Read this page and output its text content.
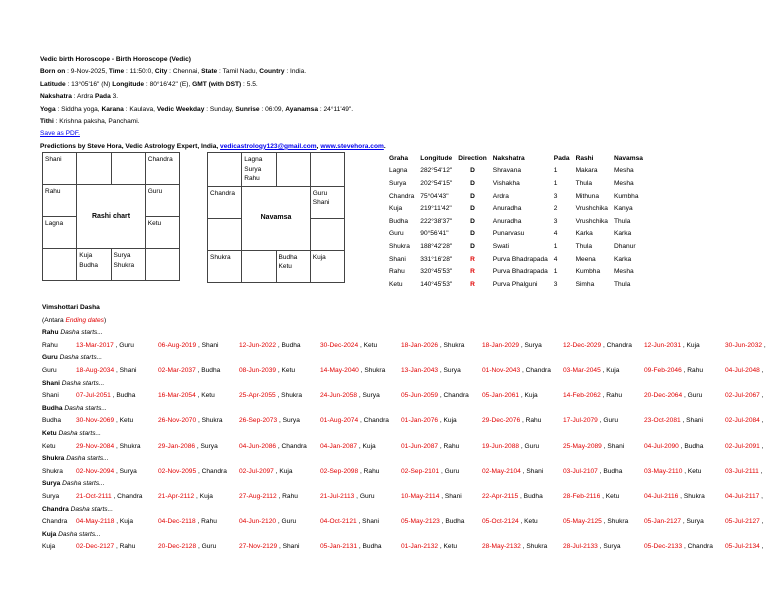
Vedic birth Horoscope - Birth Horoscope (Vedic)
Born on : 9-Nov-2025, Time : 11:50:0, City : Chennai, State : Tamil Nadu, Country : India.
Latitude : 13°05'16" (N) Longitude : 80°16'42" (E), GMT (with DST) : 5.5.
Nakshatra : Ardra Pada 3.
Yoga : Siddha yoga, Karana : Kaulava, Vedic Weekday : Sunday, Sunrise : 06:09, Ayanamsa : 24°11'49".
Tithi : Krishna paksha, Panchami.
Save as PDF.
Predictions by Steve Hora, Vedic Astrology Expert, India, vedicastrology123@gmail.com, www.stevehora.com.
Shani			Chandra
Rahu	Rashi chart		Guru
Lagna			Ketu
	Kuja
Budha	Surya
Shukra	
	Lagna
Surya
Rahu		
Chandra	Navamsa		Guru
Shani

Shukra		Budha
Ketu	Kuja
Graha	Longitude	Direction	Nakshatra	Pada	Rashi	Navamsa
Lagna	282°54'12"	D	Shravana	1	Makara	Mesha
Surya	202°54'15"	D	Vishakha	1	Thula	Mesha
Chandra	75°04'43"	D	Ardra	3	Mithuna	Kumbha
Kuja	219°11'42"	D	Anuradha	2	Vrushchika	Kanya
Budha	222°38'37"	D	Anuradha	3	Vrushchika	Thula
Guru	90°56'41"	D	Punarvasu	4	Karka	Karka
Shukra	188°42'28"	D	Swati	1	Thula	Dhanur
Shani	331°16'28"	R	Purva Bhadrapada	4	Meena	Karka
Rahu	320°45'53"	R	Purva Bhadrapada	1	Kumbha	Mesha
Ketu	140°45'53"	R	Purva Phalguni	3	Simha	Thula
Vimshottari Dasha
(Antara Ending dates)
Rahu Dasha starts...
Rahu	13-Mar-2017 , Guru	06-Aug-2019 , Shani	12-Jun-2022 , Budha	30-Dec-2024 , Ketu	18-Jan-2026 , Shukra	18-Jan-2029 , Surya	12-Dec-2029 , Chandra 12-Jun-2031 , Kuja	30-Jun-2032 ,
Guru Dasha starts...
Guru	18-Aug-2034 , Shani	02-Mar-2037 , Budha	08-Jun-2039 , Ketu	14-May-2040 , Shukra 13-Jan-2043 , Surya	01-Nov-2043 , Chandra 03-Mar-2045 , Kuja	09-Feb-2046 , Rahu	04-Jul-2048 ,
Shani Dasha starts...
Shani	07-Jul-2051 , Budha	16-Mar-2054 , Ketu	25-Apr-2055 , Shukra	24-Jun-2058 , Surya	05-Jun-2059 , Chandra 05-Jan-2061 , Kuja	14-Feb-2062 , Rahu	20-Dec-2064 , Guru	02-Jul-2067 ,
Budha Dasha starts...
Budha 30-Nov-2069 , Ketu	26-Nov-2070 , Shukra 26-Sep-2073 , Surya	01-Aug-2074 , Chandra 01-Jan-2076 , Kuja	29-Dec-2076 , Rahu	17-Jul-2079 , Guru	23-Oct-2081 , Shani	02-Jul-2084 ,
Ketu Dasha starts...
Ketu	29-Nov-2084 , Shukra	29-Jan-2086 , Surya	04-Jun-2086 , Chandra 04-Jan-2087 , Kuja	01-Jun-2087 , Rahu	19-Jun-2088 , Guru	25-May-2089 , Shani	04-Jul-2090 , Budha	02-Jul-2091 ,
Shukra Dasha starts...
Shukra 02-Nov-2094 , Surya	02-Nov-2095 , Chandra 02-Jul-2097 , Kuja	02-Sep-2098 , Rahu	02-Sep-2101 , Guru	02-May-2104 , Shani	03-Jul-2107 , Budha	03-May-2110 , Ketu	03-Jul-2111 ,
Surya Dasha starts...
Surya	21-Oct-2111 , Chandra 21-Apr-2112 , Kuja	27-Aug-2112 , Rahu	21-Jul-2113 , Guru	10-May-2114 , Shani	22-Apr-2115 , Budha	28-Feb-2116 , Ketu	04-Jul-2116 , Shukra	04-Jul-2117 ,
Chandra Dasha starts...
Chandra 04-May-2118 , Kuja	04-Dec-2118 , Rahu	04-Jun-2120 , Guru	04-Oct-2121 , Shani	05-May-2123 , Budha	05-Oct-2124 , Ketu	05-May-2125 , Shukra 05-Jan-2127 , Surya	05-Jul-2127 ,
Kuja Dasha starts...
Kuja	02-Dec-2127 , Rahu	20-Dec-2128 , Guru	27-Nov-2129 , Shani	05-Jan-2131 , Budha	01-Jan-2132 , Ketu	28-May-2132 , Shukra 28-Jul-2133 , Surya	05-Dec-2133 , Chandra 05-Jul-2134 ,
